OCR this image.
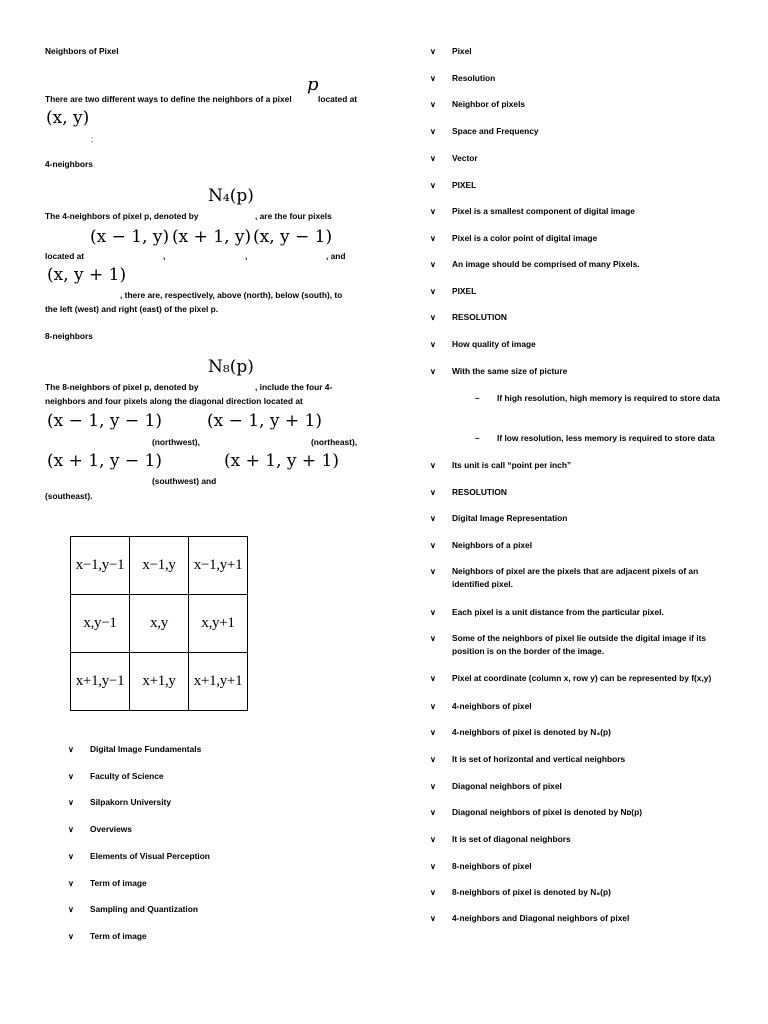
Neighbors of Pixel
p
There are two different ways to define the neighbors of a pixel	located at
(x, y)
:
4-neighbors
N₄(p)
The 4-neighbors of pixel p, denoted by	, are the four pixels
(x − 1, y) (x + 1, y) (x, y − 1)
located at	,	,	, and
(x, y + 1)
, there are, respectively, above (north), below (south), to
the left (west) and right (east) of the pixel p.
8-neighbors
N₈(p)
The 8-neighbors of pixel p, denoted by	, include the four 4-
neighbors and four pixels along the diagonal direction located at
(x − 1, y − 1)	(x − 1, y + 1)
(northwest),	(northeast),
(x + 1, y − 1)	(x + 1, y + 1)
(southwest) and
(southeast).
x−1,y−1	x−1,y	x−1,y+1
x,y−1	x,y	x,y+1
x+1,y−1	x+1,y	x+1,y+1
∨ Digital Image Fundamentals
∨ Faculty of Science
∨ Silpakorn University
∨ Overviews
∨ Elements of Visual Perception
∨ Term of image
∨ Sampling and Quantization
∨ Term of image
∨ Pixel
∨ Resolution
∨ Neighbor of pixels
∨ Space and Frequency
∨ Vector
∨ PIXEL
∨ Pixel is a smallest component of digital image
∨ Pixel is a color point of digital image
∨ An image should be comprised of many Pixels.
∨ PIXEL
∨ RESOLUTION
∨ How quality of image
∨ With the same size of picture
– If high resolution, high memory is required to store data
– If low resolution, less memory is required to store data
∨ Its unit is call “point per inch”
∨ RESOLUTION
∨ Digital Image Representation
∨ Neighbors of a pixel
∨ Neighbors of pixel are the pixels that are adjacent pixels of an identified pixel.
∨ Each pixel is a unit distance from the particular pixel.
∨ Some of the neighbors of pixel lie outside the digital image if its position is on the border of the image.
∨ Pixel at coordinate (column x, row y) can be represented by f(x,y)
∨ 4-neighbors of pixel
∨ 4-neighbors of pixel is denoted by N₄(p)
∨ It is set of horizontal and vertical neighbors
∨ Diagonal neighbors of pixel
∨ Diagonal neighbors of pixel is denoted by Nᴅ(p)
∨ It is set of diagonal neighbors
∨ 8-neighbors of pixel
∨ 8-neighbors of pixel is denoted by N₈(p)
∨ 4-neighbors and Diagonal neighbors of pixel
